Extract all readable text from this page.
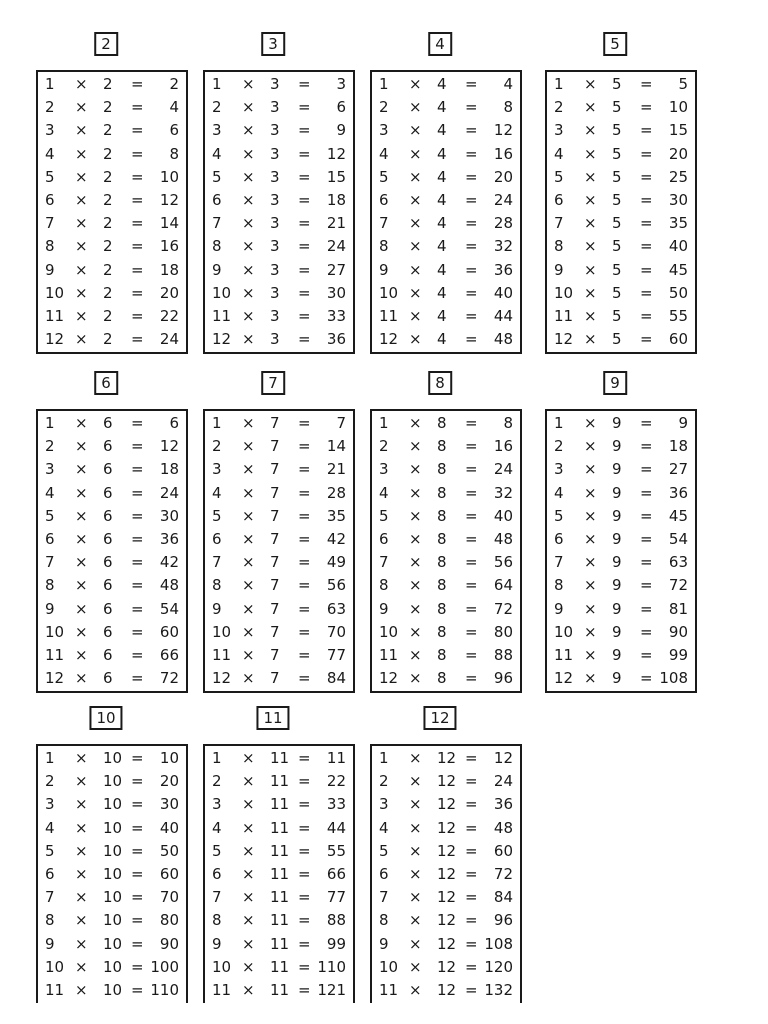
2
1 × 2 = 2
2 × 2 = 4
3 × 2 = 6
4 × 2 = 8
5 × 2 = 10
6 × 2 = 12
7 × 2 = 14
8 × 2 = 16
9 × 2 = 18
10 × 2 = 20
11 × 2 = 22
12 × 2 = 24
3
1 × 3 = 3
2 × 3 = 6
3 × 3 = 9
4 × 3 = 12
5 × 3 = 15
6 × 3 = 18
7 × 3 = 21
8 × 3 = 24
9 × 3 = 27
10 × 3 = 30
11 × 3 = 33
12 × 3 = 36
4
1 × 4 = 4
2 × 4 = 8
3 × 4 = 12
4 × 4 = 16
5 × 4 = 20
6 × 4 = 24
7 × 4 = 28
8 × 4 = 32
9 × 4 = 36
10 × 4 = 40
11 × 4 = 44
12 × 4 = 48
5
1 × 5 = 5
2 × 5 = 10
3 × 5 = 15
4 × 5 = 20
5 × 5 = 25
6 × 5 = 30
7 × 5 = 35
8 × 5 = 40
9 × 5 = 45
10 × 5 = 50
11 × 5 = 55
12 × 5 = 60
6
1 × 6 = 6
2 × 6 = 12
3 × 6 = 18
4 × 6 = 24
5 × 6 = 30
6 × 6 = 36
7 × 6 = 42
8 × 6 = 48
9 × 6 = 54
10 × 6 = 60
11 × 6 = 66
12 × 6 = 72
7
1 × 7 = 7
2 × 7 = 14
3 × 7 = 21
4 × 7 = 28
5 × 7 = 35
6 × 7 = 42
7 × 7 = 49
8 × 7 = 56
9 × 7 = 63
10 × 7 = 70
11 × 7 = 77
12 × 7 = 84
8
1 × 8 = 8
2 × 8 = 16
3 × 8 = 24
4 × 8 = 32
5 × 8 = 40
6 × 8 = 48
7 × 8 = 56
8 × 8 = 64
9 × 8 = 72
10 × 8 = 80
11 × 8 = 88
12 × 8 = 96
9
1 × 9 = 9
2 × 9 = 18
3 × 9 = 27
4 × 9 = 36
5 × 9 = 45
6 × 9 = 54
7 × 9 = 63
8 × 9 = 72
9 × 9 = 81
10 × 9 = 90
11 × 9 = 99
12 × 9 = 108
10
1 × 10 = 10
2 × 10 = 20
3 × 10 = 30
4 × 10 = 40
5 × 10 = 50
6 × 10 = 60
7 × 10 = 70
8 × 10 = 80
9 × 10 = 90
10 × 10 = 100
11 × 10 = 110
11
1 × 11 = 11
2 × 11 = 22
3 × 11 = 33
4 × 11 = 44
5 × 11 = 55
6 × 11 = 66
7 × 11 = 77
8 × 11 = 88
9 × 11 = 99
10 × 11 = 110
11 × 11 = 121
12
1 × 12 = 12
2 × 12 = 24
3 × 12 = 36
4 × 12 = 48
5 × 12 = 60
6 × 12 = 72
7 × 12 = 84
8 × 12 = 96
9 × 12 = 108
10 × 12 = 120
11 × 12 = 132
